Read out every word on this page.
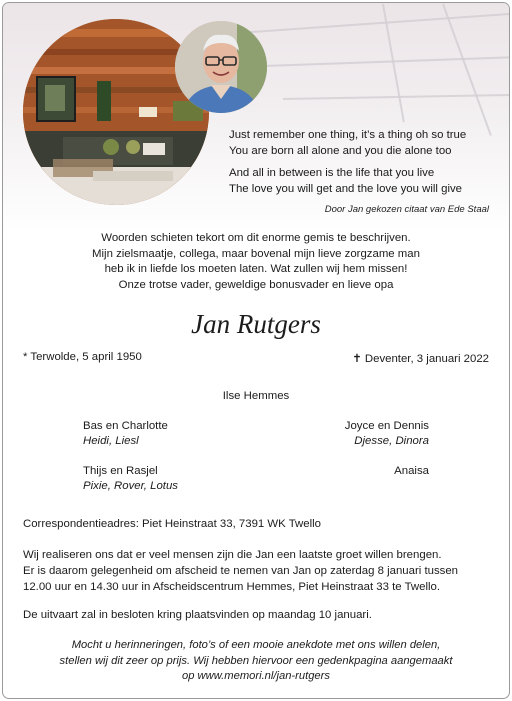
Just remember one thing, it’s a thing oh so true
You are born all alone and you die alone too
And all in between is the life that you live
The love you will get and the love you will give
Door Jan gekozen citaat van Ede Staal
Woorden schieten tekort om dit enorme gemis te beschrijven.
Mijn zielsmaatje, collega, maar bovenal mijn lieve zorgzame man
heb ik in liefde los moeten laten. Wat zullen wij hem missen!
Onze trotse vader, geweldige bonusvader en lieve opa
Jan Rutgers
* Terwolde, 5 april 1950	✝ Deventer, 3 januari 2022
Ilse Hemmes
Bas en Charlotte
Heidi, Liesl
Joyce en Dennis
Djesse, Dinora
Thijs en Rasjel
Pixie, Rover, Lotus
Anaisa
Correspondentieadres: Piet Heinstraat 33, 7391 WK Twello
Wij realiseren ons dat er veel mensen zijn die Jan een laatste groet willen brengen.
Er is daarom gelegenheid om afscheid te nemen van Jan op zaterdag 8 januari tussen
12.00 uur en 14.30 uur in Afscheidscentrum Hemmes, Piet Heinstraat 33 te Twello.
De uitvaart zal in besloten kring plaatsvinden op maandag 10 januari.
Mocht u herinneringen, foto’s of een mooie anekdote met ons willen delen,
stellen wij dit zeer op prijs. Wij hebben hiervoor een gedenkpagina aangemaakt
op www.memori.nl/jan-rutgers
